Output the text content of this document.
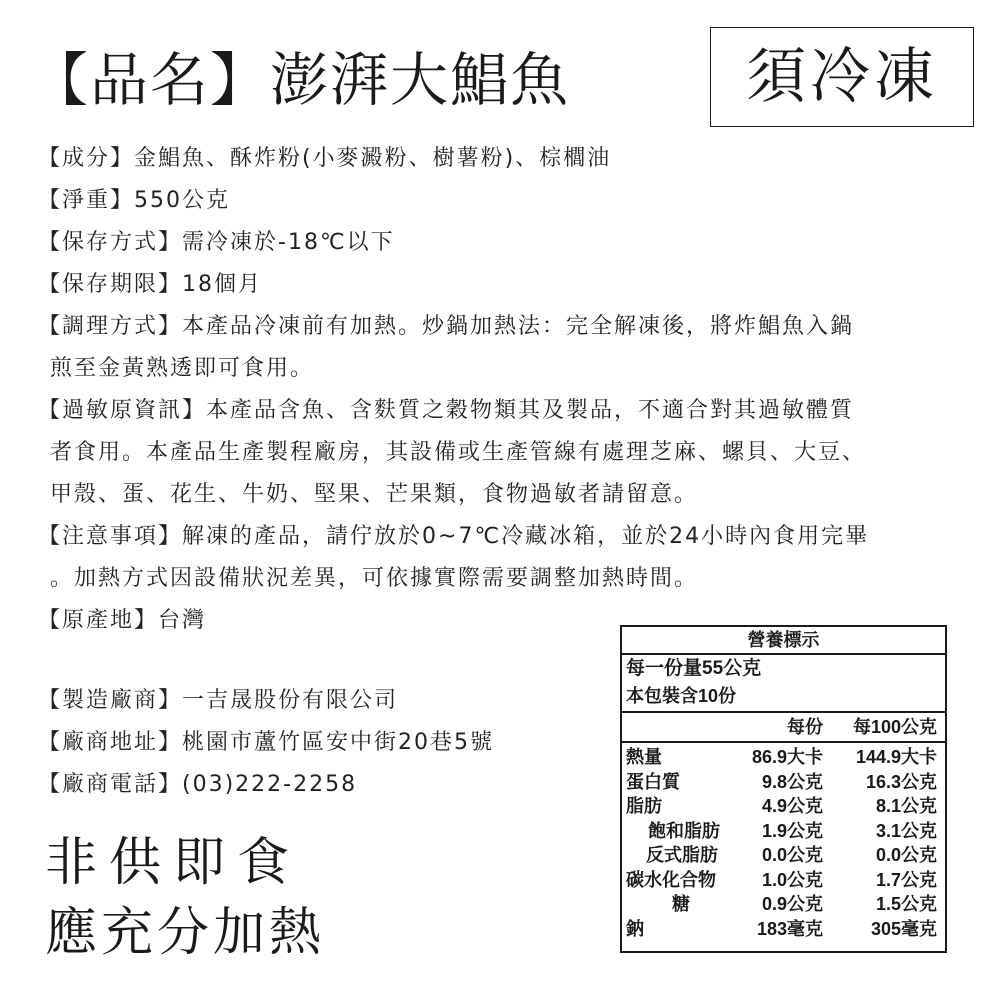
【品名】澎湃大鯧魚	須冷凍
【成分】金鯧魚、酥炸粉(小麥澱粉、樹薯粉)、棕櫚油
【淨重】550公克
【保存方式】需冷凍於-18℃以下
【保存期限】18個月
【調理方式】本產品冷凍前有加熱。炒鍋加熱法：完全解凍後，將炸鯧魚入鍋
煎至金黃熟透即可食用。
【過敏原資訊】本產品含魚、含麩質之穀物類其及製品，不適合對其過敏體質
者食用。本產品生產製程廠房，其設備或生產管線有處理芝麻、螺貝、大豆、
甲殼、蛋、花生、牛奶、堅果、芒果類，食物過敏者請留意。
【注意事項】解凍的產品，請佇放於0~7℃冷藏冰箱，並於24小時內食用完畢
。加熱方式因設備狀況差異，可依據實際需要調整加熱時間。
【原產地】台灣
【製造廠商】一吉晟股份有限公司
【廠商地址】桃園市蘆竹區安中街20巷5號
【廠商電話】(03)222-2258
非供即食
應充分加熱
營養標示
每一份量55公克
本包裝含10份
每份 每100公克
熱量	86.9大卡 144.9大卡
蛋白質	9.8公克 16.3公克
脂肪	4.9公克	8.1公克
飽和脂肪 1.9公克	3.1公克
反式脂肪 0.0公克	0.0公克
碳水化合物	1.0公克	1.7公克
糖	0.9公克	1.5公克
鈉	183毫克	305毫克
